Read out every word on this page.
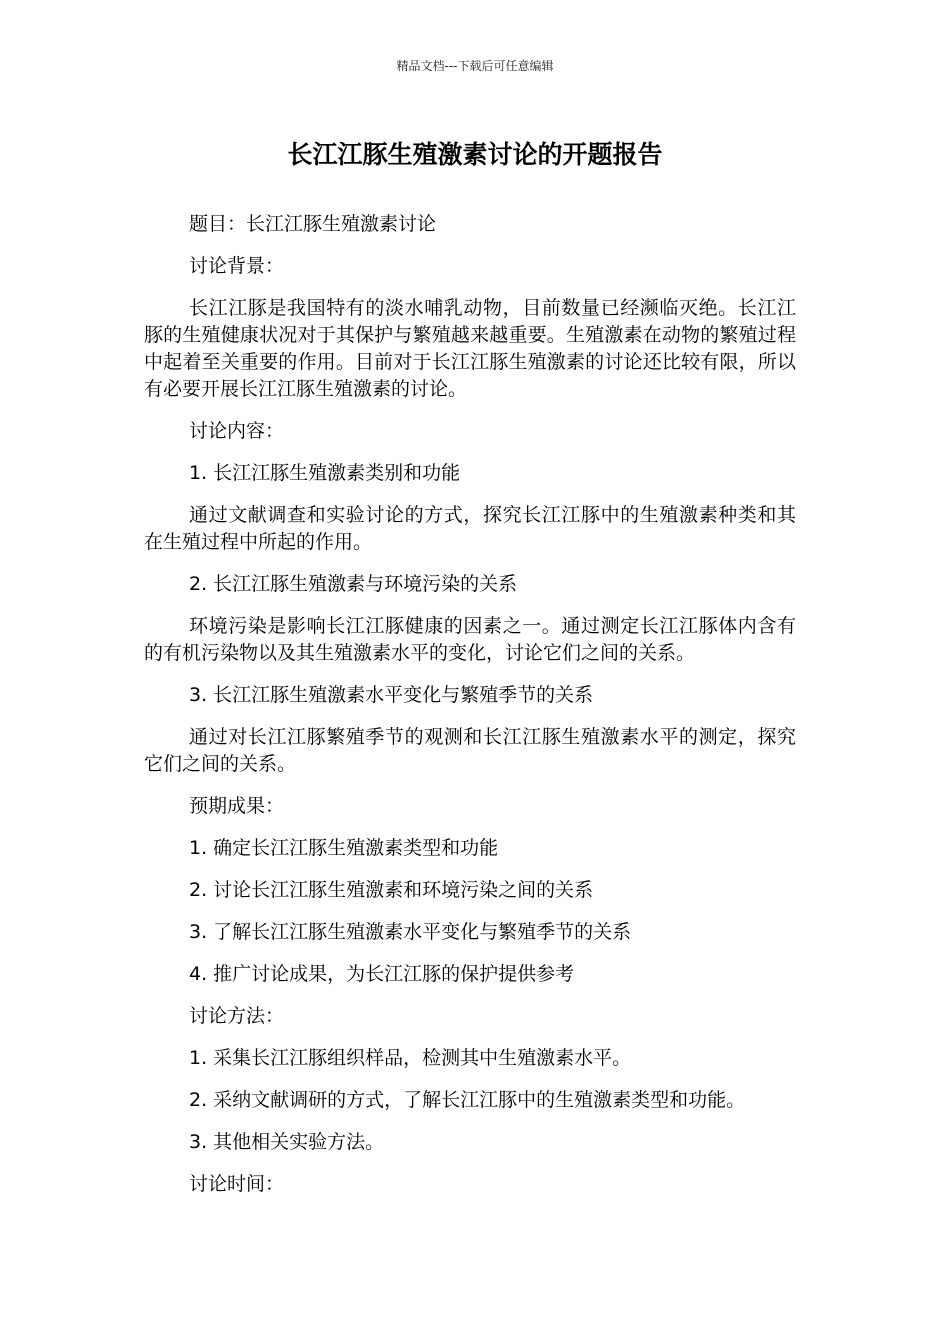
精品文档---下载后可任意编辑
长江江豚生殖激素讨论的开题报告

题目：长江江豚生殖激素讨论

讨论背景：

长江江豚是我国特有的淡水哺乳动物，目前数量已经濒临灭绝。长江江豚的生殖健康状况对于其保护与繁殖越来越重要。生殖激素在动物的繁殖过程中起着至关重要的作用。目前对于长江江豚生殖激素的讨论还比较有限，所以有必要开展长江江豚生殖激素的讨论。

讨论内容：

1. 长江江豚生殖激素类别和功能

通过文献调查和实验讨论的方式，探究长江江豚中的生殖激素种类和其在生殖过程中所起的作用。

2. 长江江豚生殖激素与环境污染的关系

环境污染是影响长江江豚健康的因素之一。通过测定长江江豚体内含有的有机污染物以及其生殖激素水平的变化，讨论它们之间的关系。

3. 长江江豚生殖激素水平变化与繁殖季节的关系

通过对长江江豚繁殖季节的观测和长江江豚生殖激素水平的测定，探究它们之间的关系。

预期成果：

1. 确定长江江豚生殖激素类型和功能

2. 讨论长江江豚生殖激素和环境污染之间的关系

3. 了解长江江豚生殖激素水平变化与繁殖季节的关系

4. 推广讨论成果，为长江江豚的保护提供参考

讨论方法：

1. 采集长江江豚组织样品，检测其中生殖激素水平。

2. 采纳文献调研的方式，了解长江江豚中的生殖激素类型和功能。

3. 其他相关实验方法。

讨论时间：
